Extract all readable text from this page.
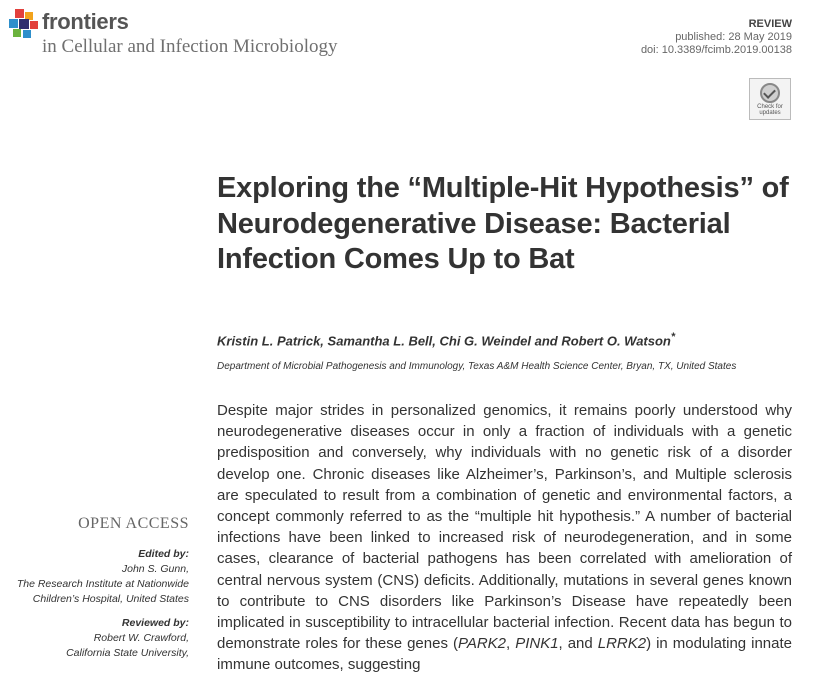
frontiers
in Cellular and Infection Microbiology
REVIEW
published: 28 May 2019
doi: 10.3389/fcimb.2019.00138
Check for updates
Exploring the “Multiple-Hit Hypothesis” of Neurodegenerative Disease: Bacterial Infection Comes Up to Bat
Kristin L. Patrick, Samantha L. Bell, Chi G. Weindel and Robert O. Watson*
Department of Microbial Pathogenesis and Immunology, Texas A&M Health Science Center, Bryan, TX, United States

Despite major strides in personalized genomics, it remains poorly understood why neurodegenerative diseases occur in only a fraction of individuals with a genetic predisposition and conversely, why individuals with no genetic risk of a disorder develop one. Chronic diseases like Alzheimer’s, Parkinson’s, and Multiple sclerosis are speculated to result from a combination of genetic and environmental factors, a concept commonly referred to as the “multiple hit hypothesis.” A number of bacterial infections have been linked to increased risk of neurodegeneration, and in some cases, clearance of bacterial pathogens has been correlated with amelioration of central nervous system (CNS) deficits. Additionally, mutations in several genes known to contribute to CNS disorders like Parkinson’s Disease have repeatedly been implicated in susceptibility to intracellular bacterial infection. Recent data has begun to demonstrate roles for these genes (PARK2, PINK1, and LRRK2) in modulating innate immune outcomes, suggesting

OPEN ACCESS
Edited by:
John S. Gunn,
The Research Institute at Nationwide
Children’s Hospital, United States
Reviewed by:
Robert W. Crawford,
California State University,
